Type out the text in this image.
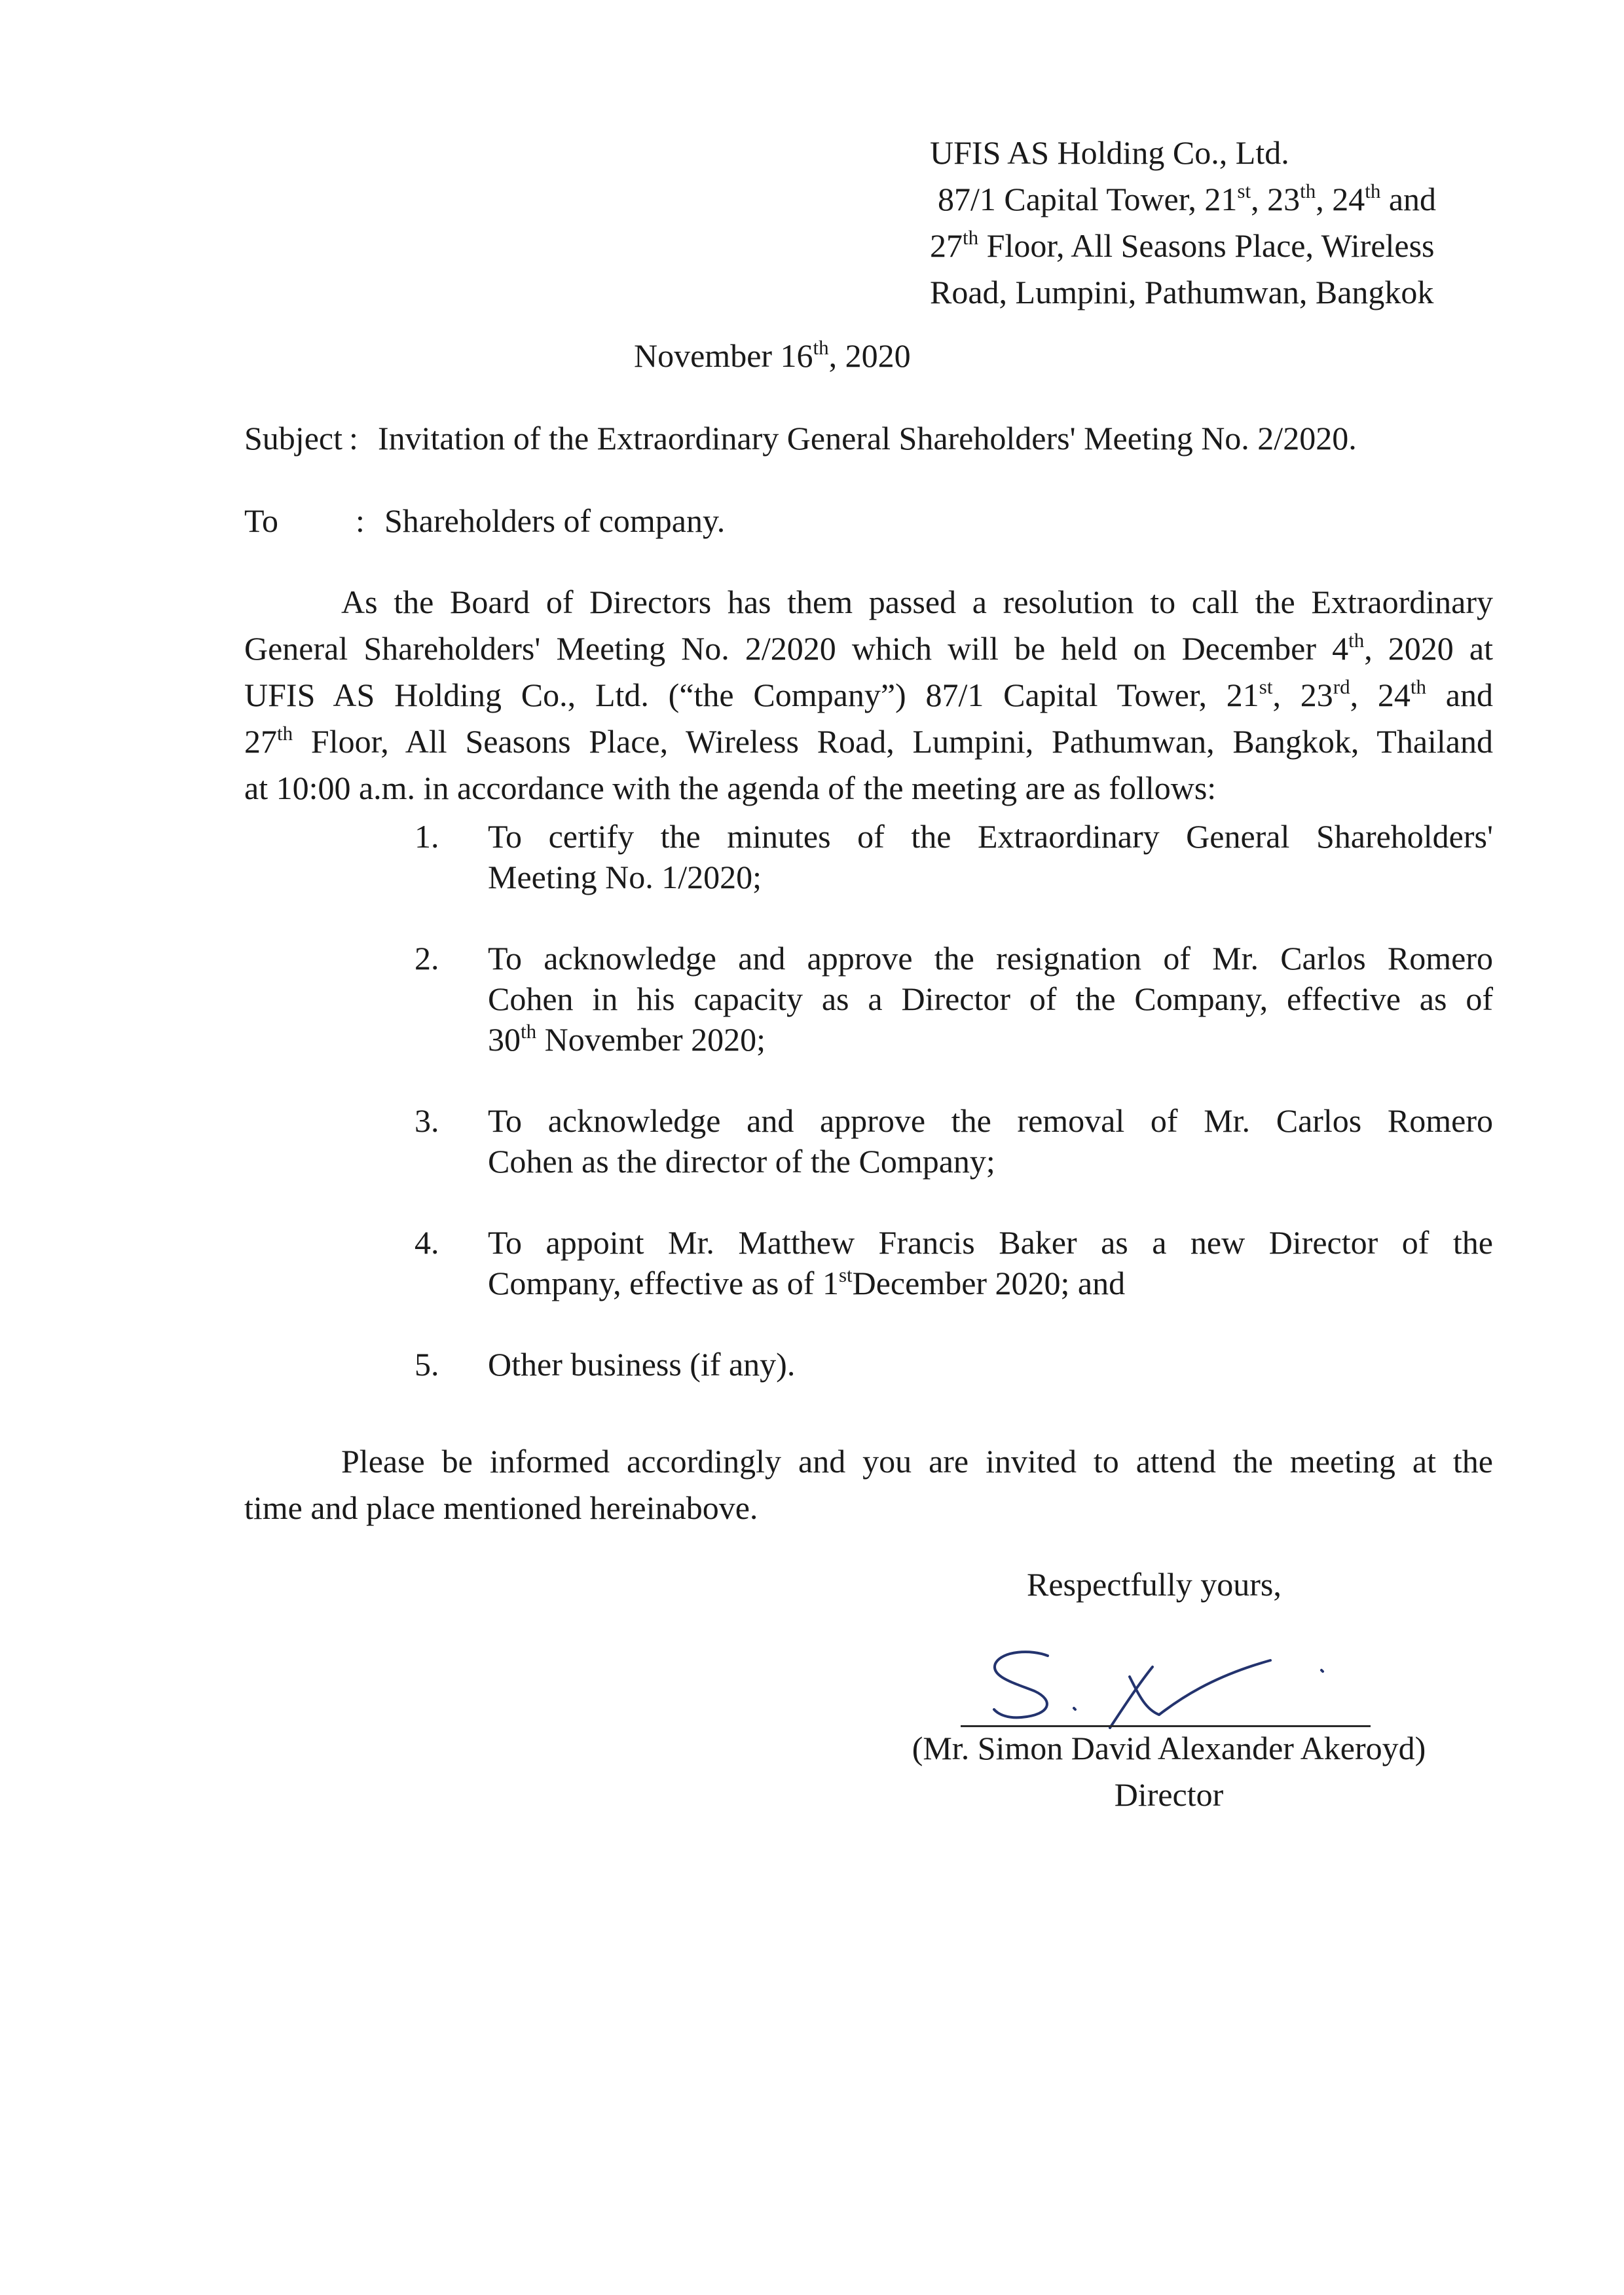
UFIS AS Holding Co., Ltd.
87/1 Capital Tower, 21st, 23th, 24th and
27th Floor, All Seasons Place, Wireless
Road, Lumpini, Pathumwan, Bangkok
November 16th, 2020
Subject : Invitation of the Extraordinary General Shareholders' Meeting No. 2/2020.
To : Shareholders of company.
As the Board of Directors has them passed a resolution to call the Extraordinary
General Shareholders' Meeting No. 2/2020 which will be held on December 4th, 2020 at
UFIS AS Holding Co., Ltd. (“the Company”) 87/1 Capital Tower, 21st, 23rd, 24th and
27th Floor, All Seasons Place, Wireless Road, Lumpini, Pathumwan, Bangkok, Thailand
at 10:00 a.m. in accordance with the agenda of the meeting are as follows:
1. To certify the minutes of the Extraordinary General Shareholders'
Meeting No. 1/2020;
2. To acknowledge and approve the resignation of Mr. Carlos Romero
Cohen in his capacity as a Director of the Company, effective as of
30th November 2020;
3. To acknowledge and approve the removal of Mr. Carlos Romero
Cohen as the director of the Company;
4. To appoint Mr. Matthew Francis Baker as a new Director of the
Company, effective as of 1stDecember 2020; and
5. Other business (if any).
Please be informed accordingly and you are invited to attend the meeting at the
time and place mentioned hereinabove.
Respectfully yours,
(Mr. Simon David Alexander Akeroyd)
Director
